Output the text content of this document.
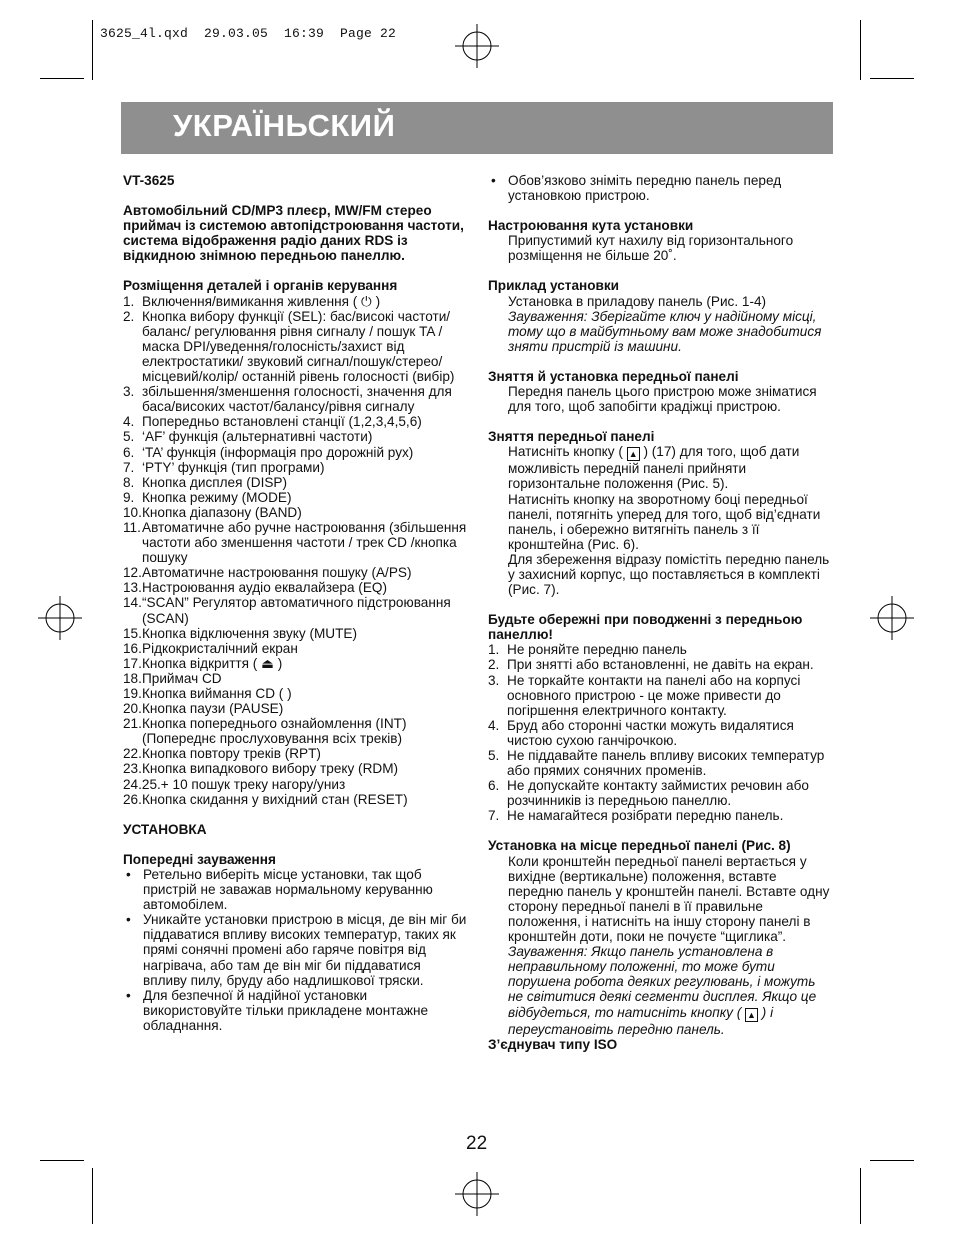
3625_4l.qxd  29.03.05  16:39  Page 22
УКРАЇНЬСКИЙ

VT-3625

Автомобільний CD/MP3 плеєр, MW/FM стерео приймач із системою автопідстроювання частоти, система відображення радіо даних RDS із відкидною знімною передньою панеллю.

Розміщення деталей і органів керування

1. Включення/вимикання живлення ( ⏻ )
2. Кнопка вибору функції (SEL): бас/високі частоти/баланс/ регулювання рівня сигналу / пошук TA /маска DPI/уведення/голосність/захист від електростатики/ звуковий сигнал/пошук/стерео/місцевий/колір/ останній рівень голосності (вибір)
3. збільшення/зменшення голосності, значення для баса/високих частот/балансу/рівня сигналу
4. Попередньо встановлені станції (1,2,3,4,5,6)
5. ‘AF’ функція (альтернативні частоти)
6. ‘TA’ функція (інформація про дорожній рух)
7. ‘PTY’ функція (тип програми)
8. Кнопка дисплея (DISP)
9. Кнопка режиму (MODE)
10. Кнопка діапазону (BAND)
11. Автоматичне або ручне настроювання (збільшення частоти або зменшення частоти / трек CD /кнопка пошуку
12. Автоматичне настроювання пошуку (A/PS)
13. Настроювання аудіо еквалайзера (EQ)
14. “SCAN” Регулятор автоматичного підстроювання (SCAN)
15. Кнопка відключення звуку (MUTE)
16. Рідкокристалічний екран
17. Кнопка відкриття ( ⏏ )
18. Приймач CD
19. Кнопка виймання CD ( )
20. Кнопка паузи (PAUSE)
21. Кнопка попереднього ознайомлення (INT) (Попереднє прослуховування всіх треків)
22. Кнопка повтору треків (RPT)
23. Кнопка випадкового вибору треку (RDM)
24.25. + 10 пошук треку нагору/униз
26. Кнопка скидання у вихідний стан (RESET)

УСТАНОВКА

Попередні зауваження

• Ретельно виберіть місце установки, так щоб пристрій не заважав нормальному керуванню автомобілем.
• Уникайте установки пристрою в місця, де він міг би піддаватися впливу високих температур, таких як прямі сонячні промені або гаряче повітря від нагрівача, або там де він міг би піддаватися впливу пилу, бруду або надлишкової тряски.
• Для безпечної й надійної установки використовуйте тільки прикладене монтажне обладнання.
• Обов’язково зніміть передню панель перед установкою пристрою.

Настроювання кута установки

Припустимий кут нахилу від горизонтального розміщення не більше 20˚.

Приклад установки

Установка в приладову панель (Рис. 1-4)

Зауваження: Зберігайте ключ у надійному місці, тому що в майбутньому вам може знадобитися зняти пристрій із машини.

Зняття й установка передньої панелі

Передня панель цього пристрою може зніматися для того, щоб запобігти крадіжці пристрою.

Зняття передньої панелі

Натисніть кнопку ( ▲ ) (17) для того, щоб дати можливість передній панелі прийняти горизонтальне положення (Рис. 5).

Натисніть кнопку на зворотному боці передньої панелі, потягніть уперед для того, щоб від’єднати панель, і обережно витягніть панель з її кронштейна (Рис. 6).

Для збереження відразу помістіть передню панель у захисний корпус, що поставляється в комплекті (Рис. 7).

Будьте обережні при поводженні з передньою панеллю!

1. Не роняйте передню панель
2. При знятті або встановленні, не давіть на екран.
3. Не торкайте контакти на панелі або на корпусі основного пристрою - це може привести до погіршення електричного контакту.
4. Бруд або сторонні частки можуть видалятися чистою сухою ганчірочкою.
5. Не піддавайте панель впливу високих температур або прямих сонячних променів.
6. Не допускайте контакту займистих речовин або розчинників із передньою панеллю.
7. Не намагайтеся розібрати передню панель.

Установка на місце передньої панелі (Рис. 8)

Коли кронштейн передньої панелі вертається у вихідне (вертикальне) положення, вставте передню панель у кронштейн панелі. Вставте одну сторону передньої панелі в її правильне положення, і натисніть на іншу сторону панелі в кронштейн доти, поки не почуєте “щиглика”.

Зауваження: Якщо панель установлена в неправильному положенні, то може бути порушена робота деяких регулювань, і можуть не світитися деякі сегменти дисплея. Якщо це відбудеться, то натисніть кнопку ( ▲ ) і переустановіть передню панель.

З’єднувач типу ISO

22
